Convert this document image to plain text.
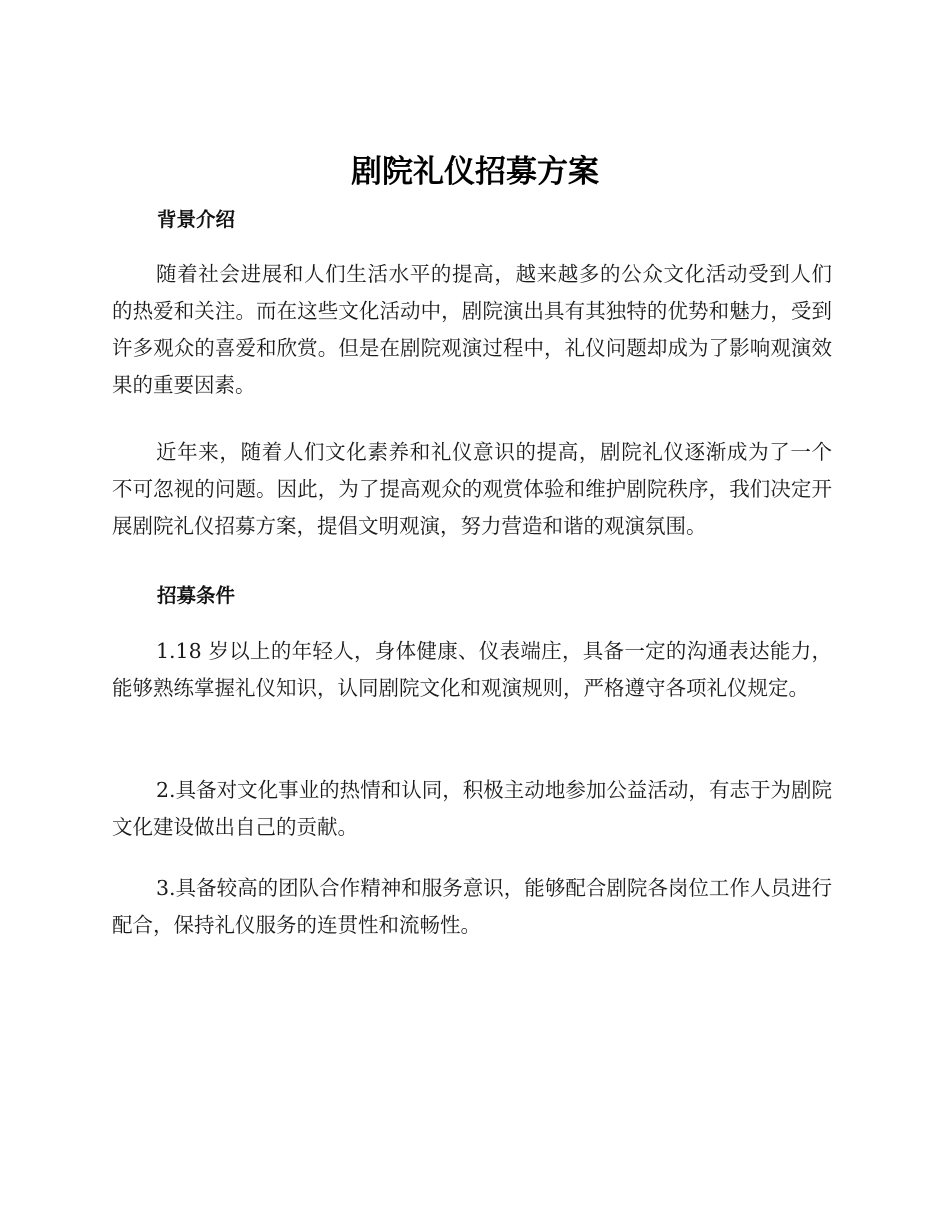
剧院礼仪招募方案
背景介绍
随着社会进展和人们生活水平的提高，越来越多的公众文化活动受到人们的热爱和关注。而在这些文化活动中，剧院演出具有其独特的优势和魅力，受到许多观众的喜爱和欣赏。但是在剧院观演过程中，礼仪问题却成为了影响观演效果的重要因素。
近年来，随着人们文化素养和礼仪意识的提高，剧院礼仪逐渐成为了一个不可忽视的问题。因此，为了提高观众的观赏体验和维护剧院秩序，我们决定开展剧院礼仪招募方案，提倡文明观演，努力营造和谐的观演氛围。
招募条件
1.18 岁以上的年轻人，身体健康、仪表端庄，具备一定的沟通表达能力，能够熟练掌握礼仪知识，认同剧院文化和观演规则，严格遵守各项礼仪规定。
2.具备对文化事业的热情和认同，积极主动地参加公益活动，有志于为剧院文化建设做出自己的贡献。
3.具备较高的团队合作精神和服务意识，能够配合剧院各岗位工作人员进行配合，保持礼仪服务的连贯性和流畅性。
